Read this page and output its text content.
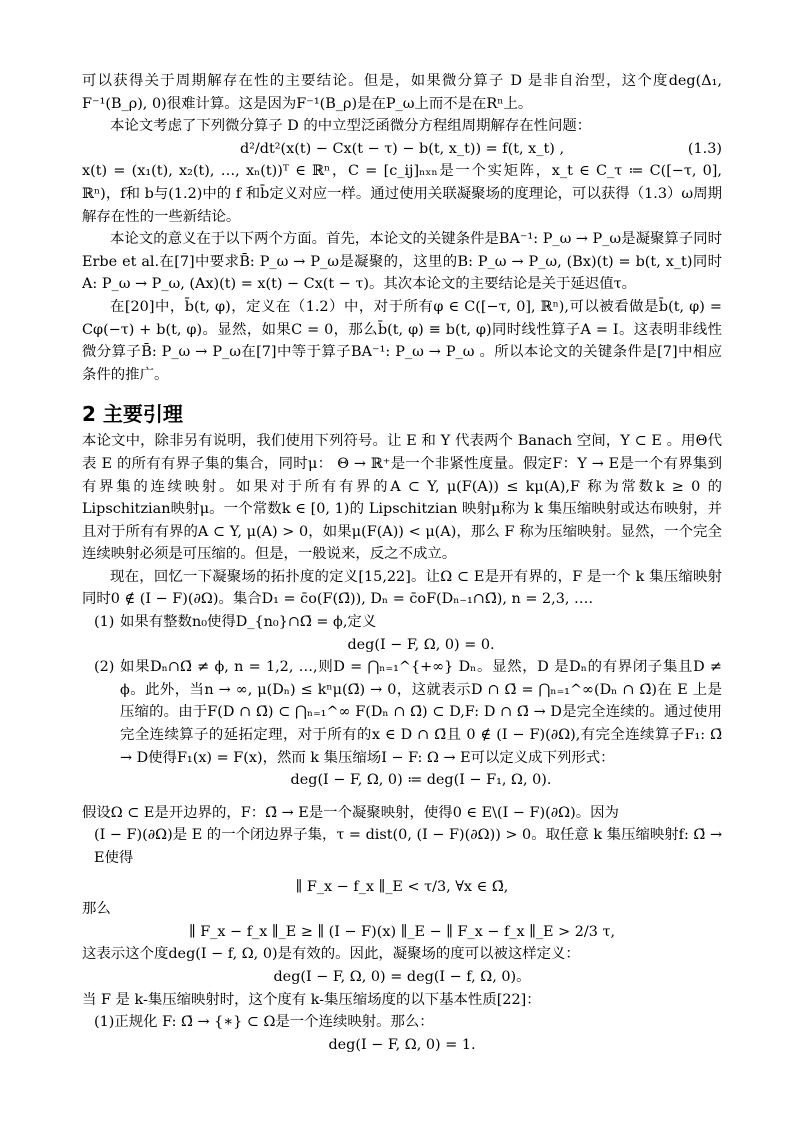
可以获得关于周期解存在性的主要结论。但是，如果微分算子 D 是非自治型，这个度deg(Δ₁, F⁻¹(B_ρ), 0)很难计算。这是因为F⁻¹(B_ρ)是在P_ω上而不是在Rⁿ上。

本论文考虑了下列微分算子 D 的中立型泛函微分方程组周期解存在性问题：

d²/dt²(x(t) − Cx(t − τ) − b(t, x_t)) = f(t, x_t) ,	(1.3)

x(t) = (x₁(t), x₂(t), …, xₙ(t))ᵀ ∈ ℝⁿ，C = [c_ij]ₙₓₙ是一个实矩阵，x_t ∈ C_τ ≔ C([−τ, 0], ℝⁿ)，f和 b与(1.2)中的 f 和b̄定义对应一样。通过使用关联凝聚场的度理论，可以获得（1.3）ω周期解存在性的一些新结论。

本论文的意义在于以下两个方面。首先，本论文的关键条件是BA⁻¹: P_ω → P_ω是凝聚算子同时 Erbe et al.在[7]中要求B̄: P_ω → P_ω是凝聚的，这里的B: P_ω → P_ω, (Bx)(t) = b(t, x_t)同时A: P_ω → P_ω, (Ax)(t) = x(t) − Cx(t − τ)。其次本论文的主要结论是关于延迟值τ。

在[20]中，b̄(t, φ)，定义在（1.2）中，对于所有φ ∈ C([−τ, 0], ℝⁿ),可以被看做是b̄(t, φ) = Cφ(−τ) + b(t, φ)。显然，如果C = 0，那么b̄(t, φ) ≡ b(t, φ)同时线性算子A = I。这表明非线性微分算子B̄: P_ω → P_ω在[7]中等于算子BA⁻¹: P_ω → P_ω 。所以本论文的关键条件是[7]中相应条件的推广。

2 主要引理

本论文中，除非另有说明，我们使用下列符号。让 E 和 Y 代表两个 Banach 空间，Y ⊂ E 。用Θ代表 E 的所有有界子集的集合，同时μ： Θ → ℝ⁺是一个非紧性度量。假定F：Y → E是一个有界集到有界集的连续映射。如果对于所有有界的A ⊂ Y, μ(F(A)) ≤ kμ(A),F 称为常数k ≥ 0 的 Lipschitzian映射μ。一个常数k ∈ [0, 1)的 Lipschitzian 映射μ称为 k 集压缩映射或达布映射，并且对于所有有界的A ⊂ Y, μ(A) > 0，如果μ(F(A)) < μ(A)，那么 F 称为压缩映射。显然，一个完全连续映射必须是可压缩的。但是，一般说来，反之不成立。

现在，回忆一下凝聚场的拓扑度的定义[15,22]。让Ω ⊂ E是开有界的，F 是一个 k 集压缩映射同时0 ∉ (I − F)(∂Ω)。集合D₁ = c̄o(F(Ω̄)), Dₙ = c̄oF(Dₙ₋₁∩Ω̄), n = 2,3, ….

(1) 如果有整数n₀使得D_{n₀}∩Ω̄ = ϕ,定义

deg(I − F, Ω, 0) = 0.

(2) 如果Dₙ∩Ω̄ ≠ ϕ, n = 1,2, …,则D = ⋂ₙ₌₁^{+∞} Dₙ。显然，D 是Dₙ的有界闭子集且D ≠ ϕ。此外，当n → ∞, μ(Dₙ) ≤ kⁿμ(Ω̄) → 0，这就表示D ∩ Ω̄ = ⋂ₙ₌₁^∞(Dₙ ∩ Ω̄)在 E 上是压缩的。由于F(D ∩ Ω̄) ⊂ ⋂ₙ₌₁^∞ F(Dₙ ∩ Ω̄) ⊂ D,F: D ∩ Ω̄ → D是完全连续的。通过使用完全连续算子的延拓定理，对于所有的x ∈ D ∩ Ω̄且 0 ∉ (I − F)(∂Ω),有完全连续算子F₁: Ω̄ → D使得F₁(x) = F(x)，然而 k 集压缩场I − F: Ω → E可以定义成下列形式：

deg(I − F, Ω, 0) ≔ deg(I − F₁, Ω, 0).

假设Ω ⊂ E是开边界的，F：Ω̄ → E是一个凝聚映射，使得0 ∈ E\(I − F)(∂Ω)。因为

(I − F)(∂Ω)是 E 的一个闭边界子集，τ = dist(0, (I − F)(∂Ω)) > 0。取任意 k 集压缩映射f: Ω̄ → E使得

∥ F_x − f_x ∥_E < τ/3, ∀x ∈ Ω̄,

那么

∥ F_x − f_x ∥_E ≥ ∥ (I − F)(x) ∥_E − ∥ F_x − f_x ∥_E > 2/3 τ,

这表示这个度deg(I − f, Ω, 0)是有效的。因此，凝聚场的度可以被这样定义：

deg(I − F, Ω, 0) = deg(I − f, Ω, 0)。

当 F 是 k-集压缩映射时，这个度有 k-集压缩场度的以下基本性质[22]：

(1)正规化 F: Ω̄ → {∗} ⊂ Ω是一个连续映射。那么：

deg(I − F, Ω, 0) = 1.
